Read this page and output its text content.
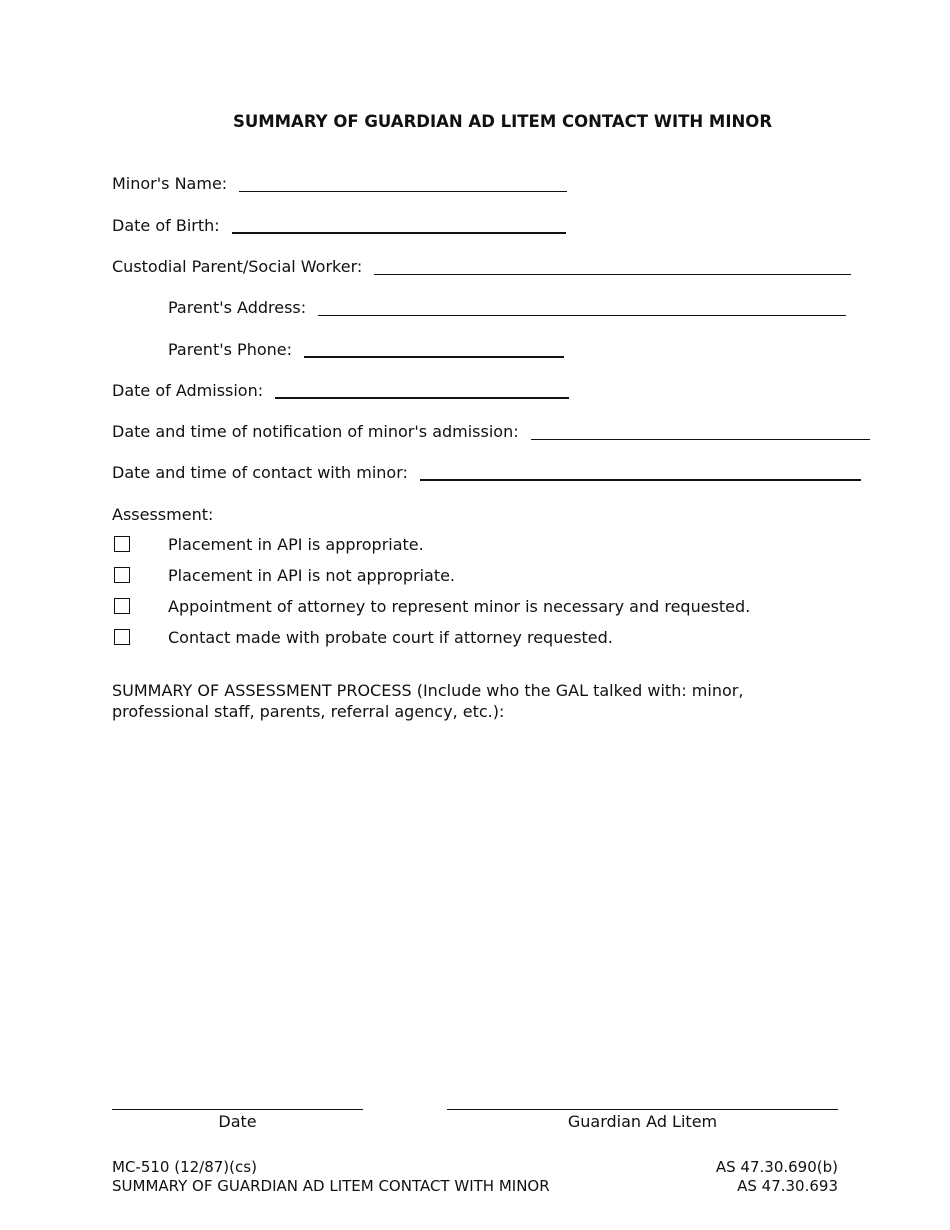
SUMMARY OF GUARDIAN AD LITEM CONTACT WITH MINOR
Minor's Name:
Date of Birth:
Custodial Parent/Social Worker:
Parent's Address:
Parent's Phone:
Date of Admission:
Date and time of notification of minor's admission:
Date and time of contact with minor:
Assessment:
Placement in API is appropriate.
Placement in API is not appropriate.
Appointment of attorney to represent minor is necessary and requested.
Contact made with probate court if attorney requested.
SUMMARY OF ASSESSMENT PROCESS (Include who the GAL talked with: minor, professional staff, parents, referral agency, etc.):
Date	Guardian Ad Litem
MC-510 (12/87)(cs)
SUMMARY OF GUARDIAN AD LITEM CONTACT WITH MINOR
AS 47.30.690(b)
AS 47.30.693
